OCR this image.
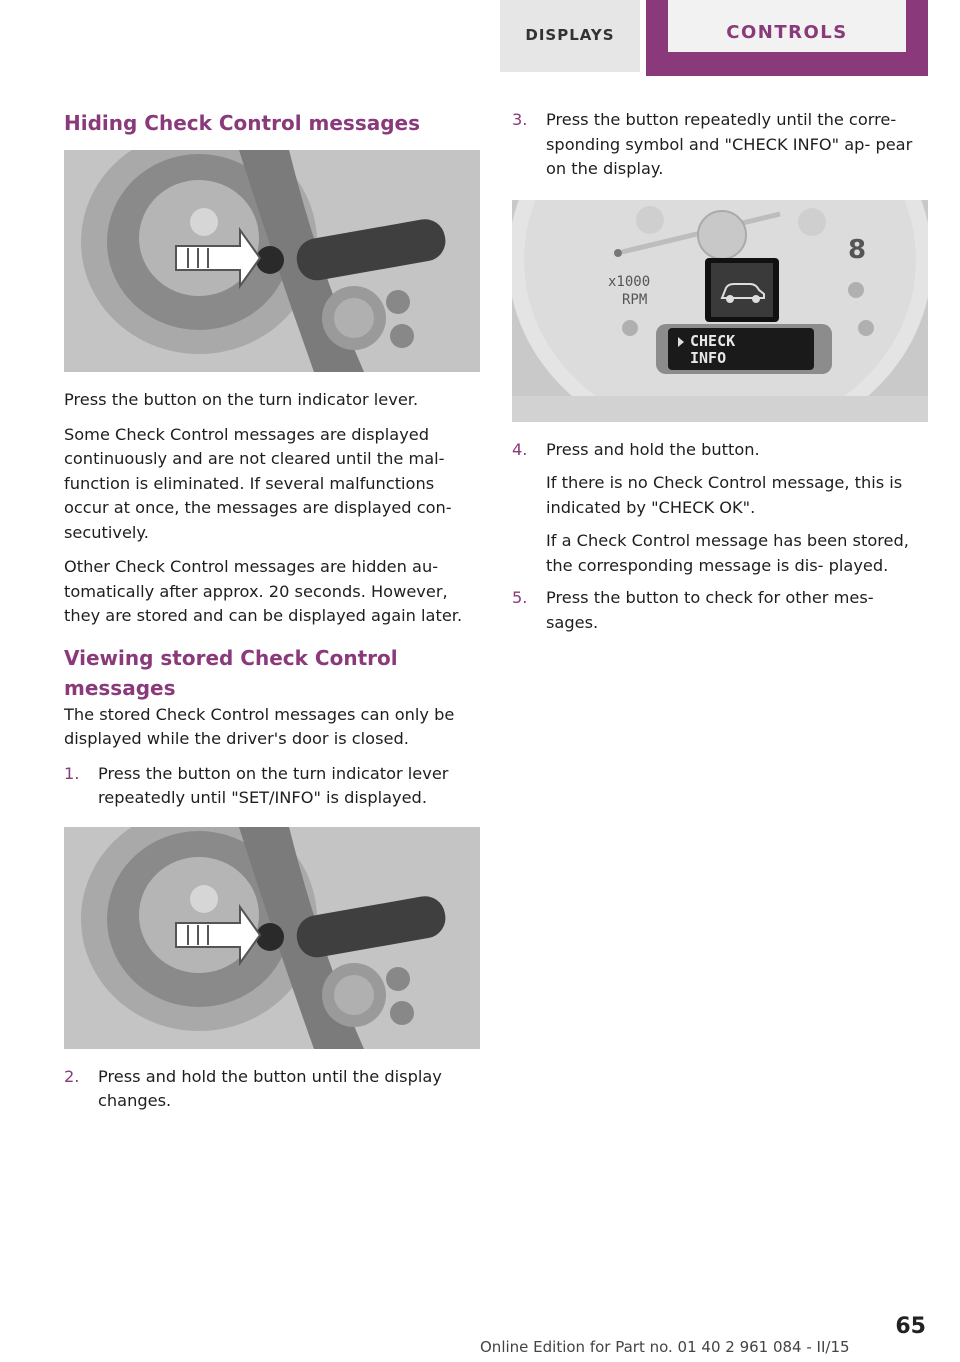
DISPLAYS	CONTROLS
Hiding Check Control messages

Press the button on the turn indicator lever.

Some Check Control messages are displayed continuously and are not cleared until the mal‐ function is eliminated. If several malfunctions occur at once, the messages are displayed con‐ secutively.

Other Check Control messages are hidden au‐ tomatically after approx. 20 seconds. However, they are stored and can be displayed again later.

Viewing stored Check Control messages

The stored Check Control messages can only be displayed while the driver's door is closed.

1.	Press the button on the turn indicator lever repeatedly until "SET/INFO" is displayed.

2.	Press and hold the button until the display changes.

3.	Press the button repeatedly until the corre‐ sponding symbol and "CHECK INFO" ap‐ pear on the display.

8
x1000
RPM
CHECK
INFO
4.	Press and hold the button.

If there is no Check Control message, this is indicated by "CHECK OK".

If a Check Control message has been stored, the corresponding message is dis‐ played.

5.	Press the button to check for other mes‐ sages.

Online Edition for Part no. 01 40 2 961 084 - II/15
65
